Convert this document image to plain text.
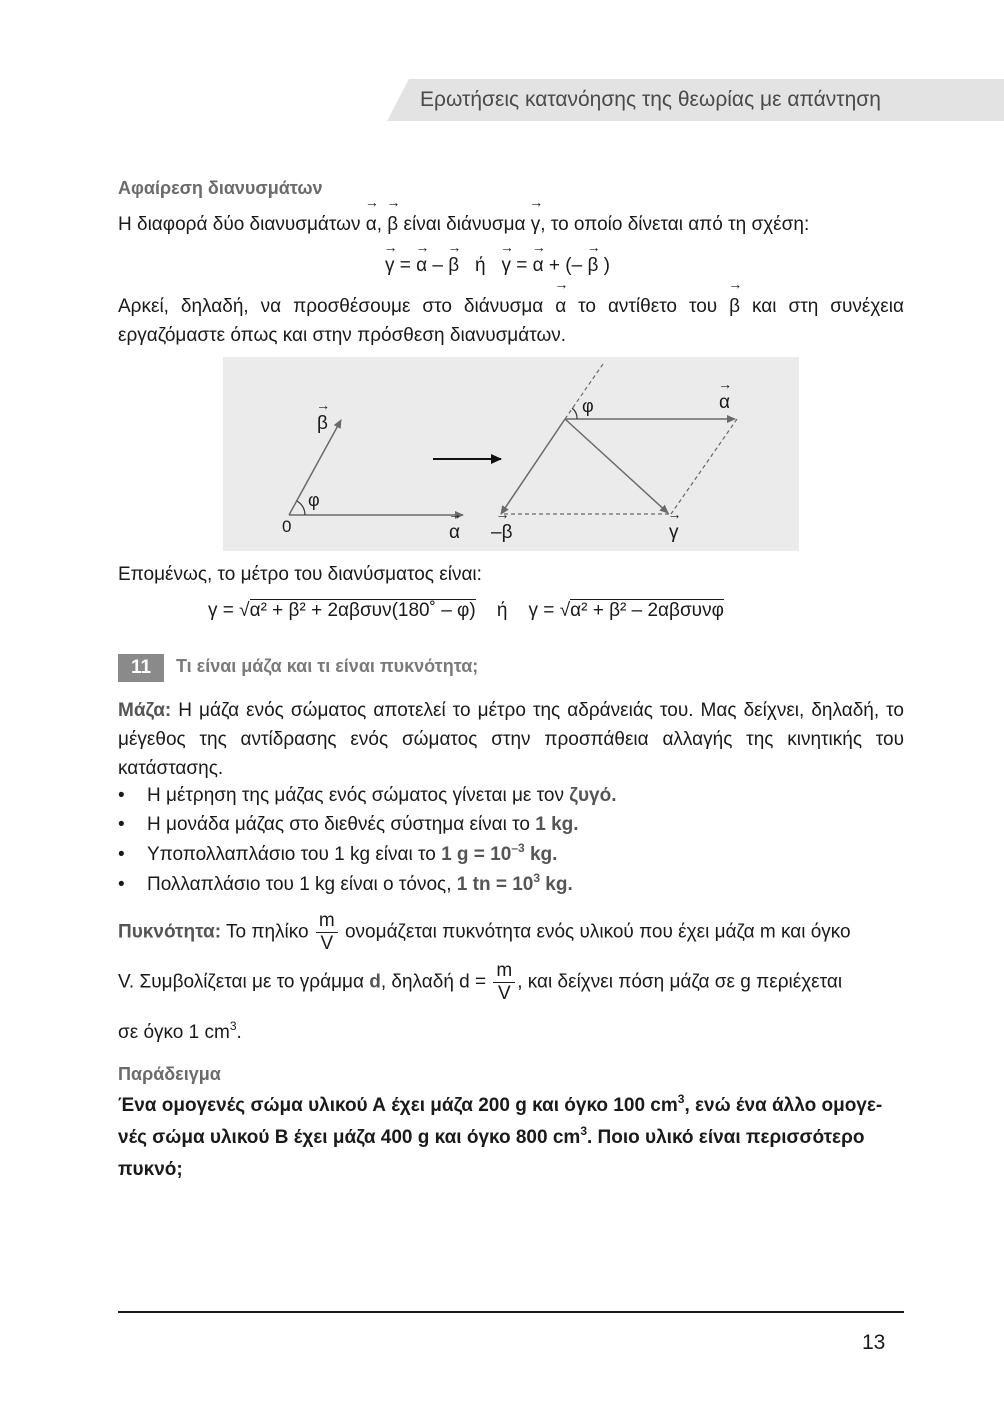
Ερωτήσεις κατανόησης της θεωρίας με απάντηση
Αφαίρεση διανυσμάτων
Η διαφορά δύο διανυσμάτων → α, → β είναι διάνυσμα → γ, το οποίο δίνεται από τη σχέση:
→ γ = → α – → β ή → γ = → α + (– → β )
Αρκεί, δηλαδή, να προσθέσουμε στο διάνυσμα → α το αντίθετο του → β και στη συνέχεια εργαζόμαστε όπως και στην πρόσθεση διανυσμάτων.
→ β
φ
0	→ α
φ	→ α
→ –β	→ γ
Επομένως, το μέτρο του διανύσματος είναι:
γ = √α² + β² + 2αβσυν(180˚ – φ) ή γ = √α² + β² – 2αβσυνφ
11	Τι είναι μάζα και τι είναι πυκνότητα;
Μάζα: Η μάζα ενός σώματος αποτελεί το μέτρο της αδράνειάς του. Μας δείχνει, δηλαδή, το μέγεθος της αντίδρασης ενός σώματος στην προσπάθεια αλλαγής της κινητικής του κατάστασης.
• Η μέτρηση της μάζας ενός σώματος γίνεται με τον ζυγό.
• Η μονάδα μάζας στο διεθνές σύστημα είναι το 1 kg.
• Υποπολλαπλάσιο του 1 kg είναι το 1 $g = 10^{-3}$ kg.
• Πολλαπλάσιο του 1 kg είναι ο τόνος, 1 tn = $10^3$ kg.
Πυκνότητα: Το πηλίκο $\frac{m}{V}$ ονομάζεται πυκνότητα ενός υλικού που έχει μάζα m και όγκο
V. Συμβολίζεται με το γράμμα d, δηλαδή $d = \frac{m}{V}$ , και δείχνει πόση μάζα σε g περιέχεται
σε όγκο 1 $cm^3$.
Παράδειγμα
Ένα ομογενές σώμα υλικού Α έχει μάζα 200 g και όγκο 100 $cm^3$, ενώ ένα άλλο ομογε-
νές σώμα υλικού Β έχει μάζα 400 g και όγκο 800 $cm^3$. Ποιο υλικό είναι περισσότερο
πυκνό;
13
